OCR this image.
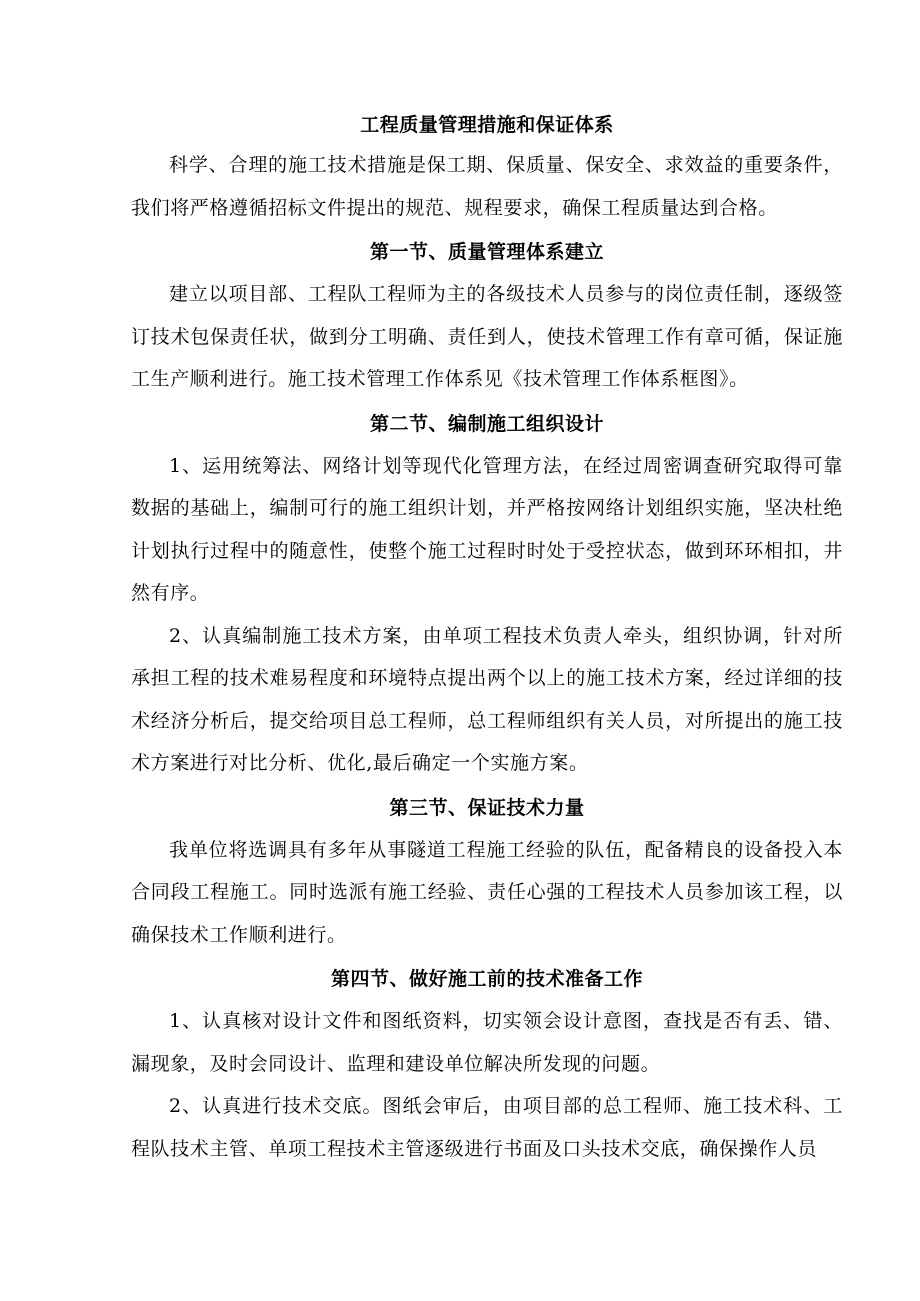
工程质量管理措施和保证体系

科学、合理的施工技术措施是保工期、保质量、保安全、求效益的重要条件，我们将严格遵循招标文件提出的规范、规程要求，确保工程质量达到合格。

第一节、质量管理体系建立

建立以项目部、工程队工程师为主的各级技术人员参与的岗位责任制，逐级签订技术包保责任状，做到分工明确、责任到人，使技术管理工作有章可循，保证施工生产顺利进行。施工技术管理工作体系见《技术管理工作体系框图》。

第二节、编制施工组织设计

1、运用统筹法、网络计划等现代化管理方法，在经过周密调查研究取得可靠数据的基础上，编制可行的施工组织计划，并严格按网络计划组织实施，坚决杜绝计划执行过程中的随意性，使整个施工过程时时处于受控状态，做到环环相扣，井然有序。

2、认真编制施工技术方案，由单项工程技术负责人牵头，组织协调，针对所承担工程的技术难易程度和环境特点提出两个以上的施工技术方案，经过详细的技术经济分析后，提交给项目总工程师，总工程师组织有关人员，对所提出的施工技术方案进行对比分析、优化,最后确定一个实施方案。

第三节、保证技术力量

我单位将选调具有多年从事隧道工程施工经验的队伍，配备精良的设备投入本合同段工程施工。同时选派有施工经验、责任心强的工程技术人员参加该工程，以确保技术工作顺利进行。

第四节、做好施工前的技术准备工作

1、认真核对设计文件和图纸资料，切实领会设计意图，查找是否有丢、错、漏现象，及时会同设计、监理和建设单位解决所发现的问题。

2、认真进行技术交底。图纸会审后，由项目部的总工程师、施工技术科、工程队技术主管、单项工程技术主管逐级进行书面及口头技术交底，确保操作人员
